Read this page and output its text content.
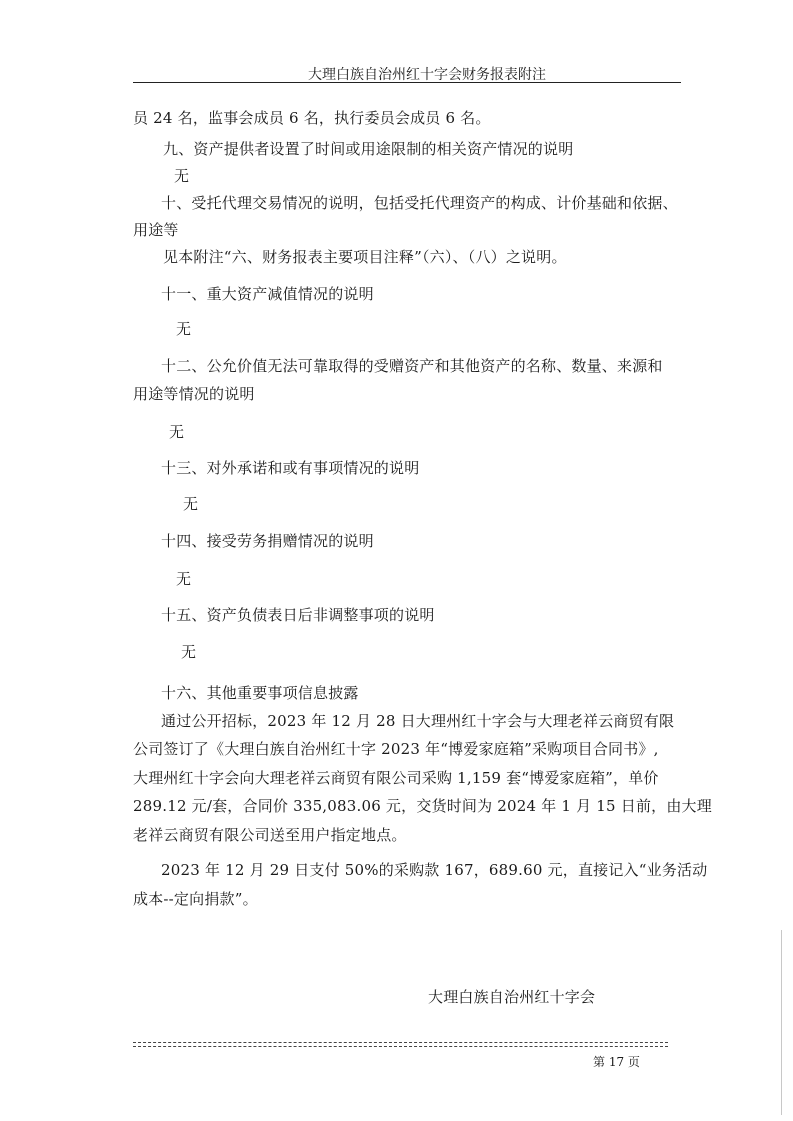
大理白族自治州红十字会财务报表附注
员 24 名，监事会成员 6 名，执行委员会成员 6 名。
九、资产提供者设置了时间或用途限制的相关资产情况的说明
无
十、受托代理交易情况的说明，包括受托代理资产的构成、计价基础和依据、
用途等
见本附注“六、财务报表主要项目注释”（六）、（八）之说明。
十一、重大资产减值情况的说明
无
十二、公允价值无法可靠取得的受赠资产和其他资产的名称、数量、来源和
用途等情况的说明
无
十三、对外承诺和或有事项情况的说明
无
十四、接受劳务捐赠情况的说明
无
十五、资产负债表日后非调整事项的说明
无
十六、其他重要事项信息披露
通过公开招标，2023 年 12 月 28 日大理州红十字会与大理老祥云商贸有限
公司签订了《大理白族自治州红十字 2023 年“博爱家庭箱”采购项目合同书》,
大理州红十字会向大理老祥云商贸有限公司采购 1,159 套“博爱家庭箱”，单价
289.12 元/套，合同价 335,083.06 元，交货时间为 2024 年 1 月 15 日前，由大理
老祥云商贸有限公司送至用户指定地点。
2023 年 12 月 29 日支付 50%的采购款 167，689.60 元，直接记入“业务活动
成本--定向捐款”。
大理白族自治州红十字会
第 17 页
